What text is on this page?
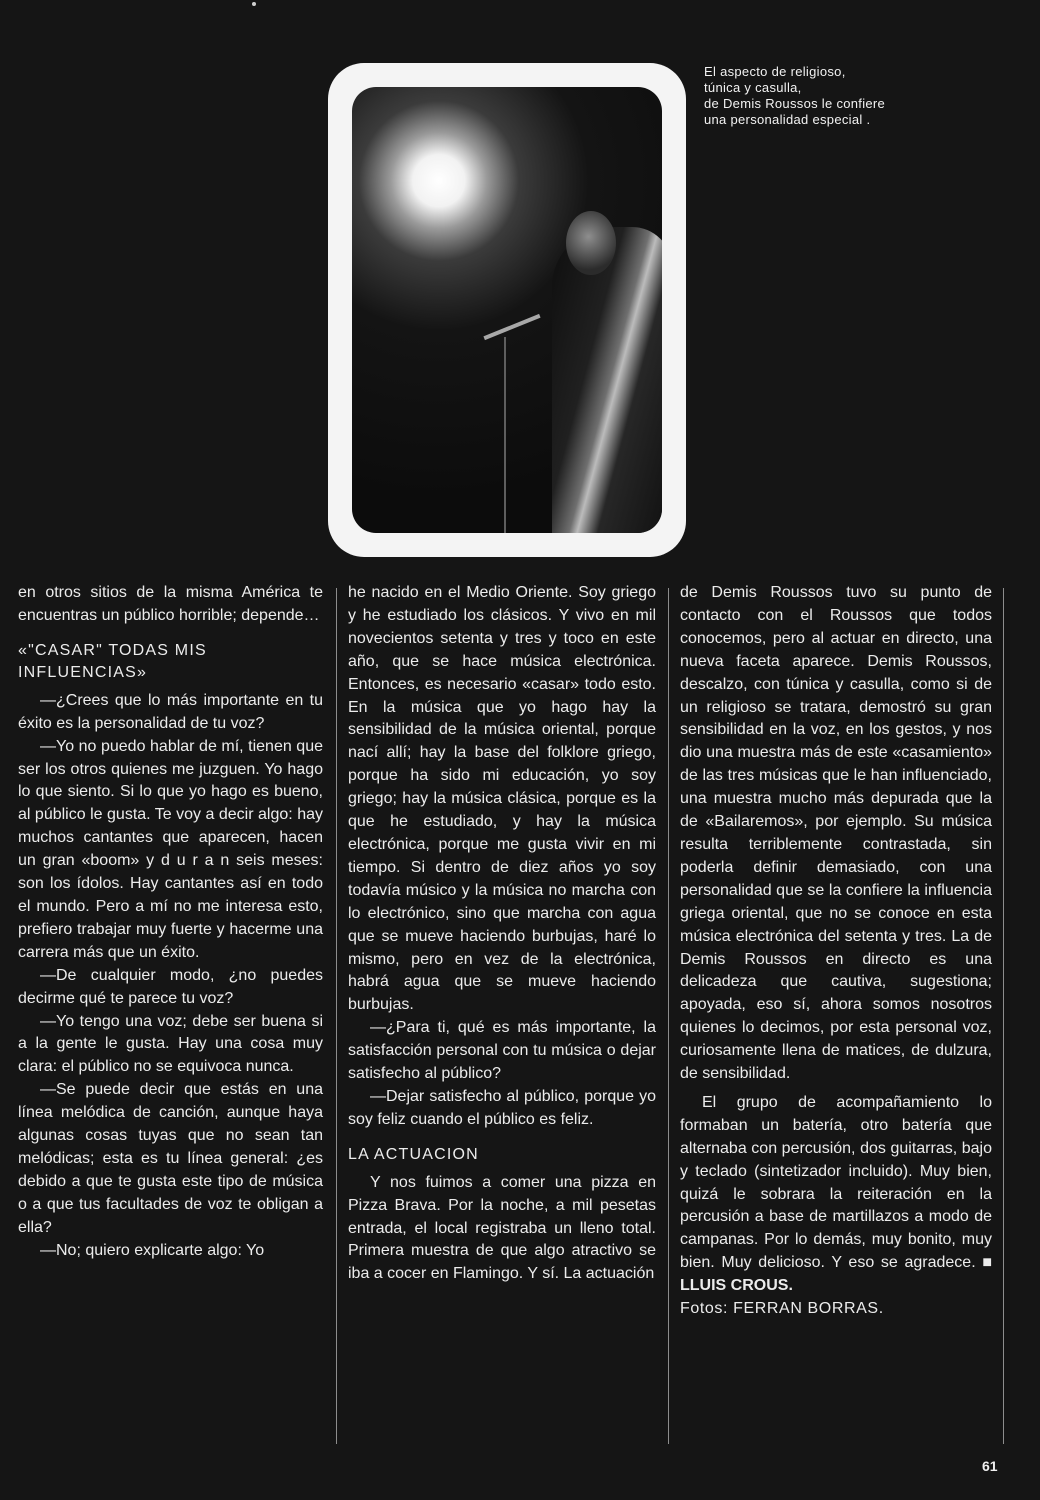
El aspecto de religioso,
túnica y casulla,
de Demis Roussos le confiere
una personalidad especial .

en otros sitios de la misma América te encuentras un público horrible; depende…

«"CASAR" TODAS MIS INFLUENCIAS»

—¿Crees que lo más importante en tu éxito es la personalidad de tu voz?

—Yo no puedo hablar de mí, tienen que ser los otros quienes me juzguen. Yo hago lo que siento. Si lo que yo hago es bueno, al público le gusta. Te voy a decir algo: hay muchos cantantes que aparecen, hacen un gran «boom» y d u r a n seis meses: son los ídolos. Hay cantantes así en todo el mundo. Pero a mí no me interesa esto, prefiero trabajar muy fuerte y hacerme una carrera más que un éxito.

—De cualquier modo, ¿no puedes decirme qué te parece tu voz?

—Yo tengo una voz; debe ser buena si a la gente le gusta. Hay una cosa muy clara: el público no se equivoca nunca.

—Se puede decir que estás en una línea melódica de canción, aunque haya algunas cosas tuyas que no sean tan melódicas; esta es tu línea general: ¿es debido a que te gusta este tipo de música o a que tus facultades de voz te obligan a ella?

—No; quiero explicarte algo: Yo

he nacido en el Medio Oriente. Soy griego y he estudiado los clásicos. Y vivo en mil novecientos setenta y tres y toco en este año, que se hace música electrónica. Entonces, es necesario «casar» todo esto. En la música que yo hago hay la sensibilidad de la música oriental, porque nací allí; hay la base del folklore griego, porque ha sido mi educación, yo soy griego; hay la música clásica, porque es la que he estudiado, y hay la música electrónica, porque me gusta vivir en mi tiempo. Si dentro de diez años yo soy todavía músico y la música no marcha con lo electrónico, sino que marcha con agua que se mueve haciendo burbujas, haré lo mismo, pero en vez de la electrónica, habrá agua que se mueve haciendo burbujas.

—¿Para ti, qué es más importante, la satisfacción personal con tu música o dejar satisfecho al público?

—Dejar satisfecho al público, porque yo soy feliz cuando el público es feliz.

LA ACTUACION

Y nos fuimos a comer una pizza en Pizza Brava. Por la noche, a mil pesetas entrada, el local registraba un lleno total. Primera muestra de que algo atractivo se iba a cocer en Flamingo. Y sí. La actuación

de Demis Roussos tuvo su punto de contacto con el Roussos que todos conocemos, pero al actuar en directo, una nueva faceta aparece. Demis Roussos, descalzo, con túnica y casulla, como si de un religioso se tratara, demostró su gran sensibilidad en la voz, en los gestos, y nos dio una muestra más de este «casamiento» de las tres músicas que le han influenciado, una muestra mucho más depurada que la de «Bailaremos», por ejemplo. Su música resulta terriblemente contrastada, sin poderla definir demasiado, con una personalidad que se la confiere la influencia griega oriental, que no se conoce en esta música electrónica del setenta y tres. La de Demis Roussos en directo es una delicadeza que cautiva, sugestiona; apoyada, eso sí, ahora somos nosotros quienes lo decimos, por esta personal voz, curiosamente llena de matices, de dulzura, de sensibilidad.

El grupo de acompañamiento lo formaban un batería, otro batería que alternaba con percusión, dos guitarras, bajo y teclado (sintetizador incluido). Muy bien, quizá le sobrara la reiteración en la percusión a base de martillazos a modo de campanas. Por lo demás, muy bonito, muy bien. Muy delicioso. Y eso se agradece. ■ LLUIS CROUS.

Fotos: FERRAN BORRAS.
61
